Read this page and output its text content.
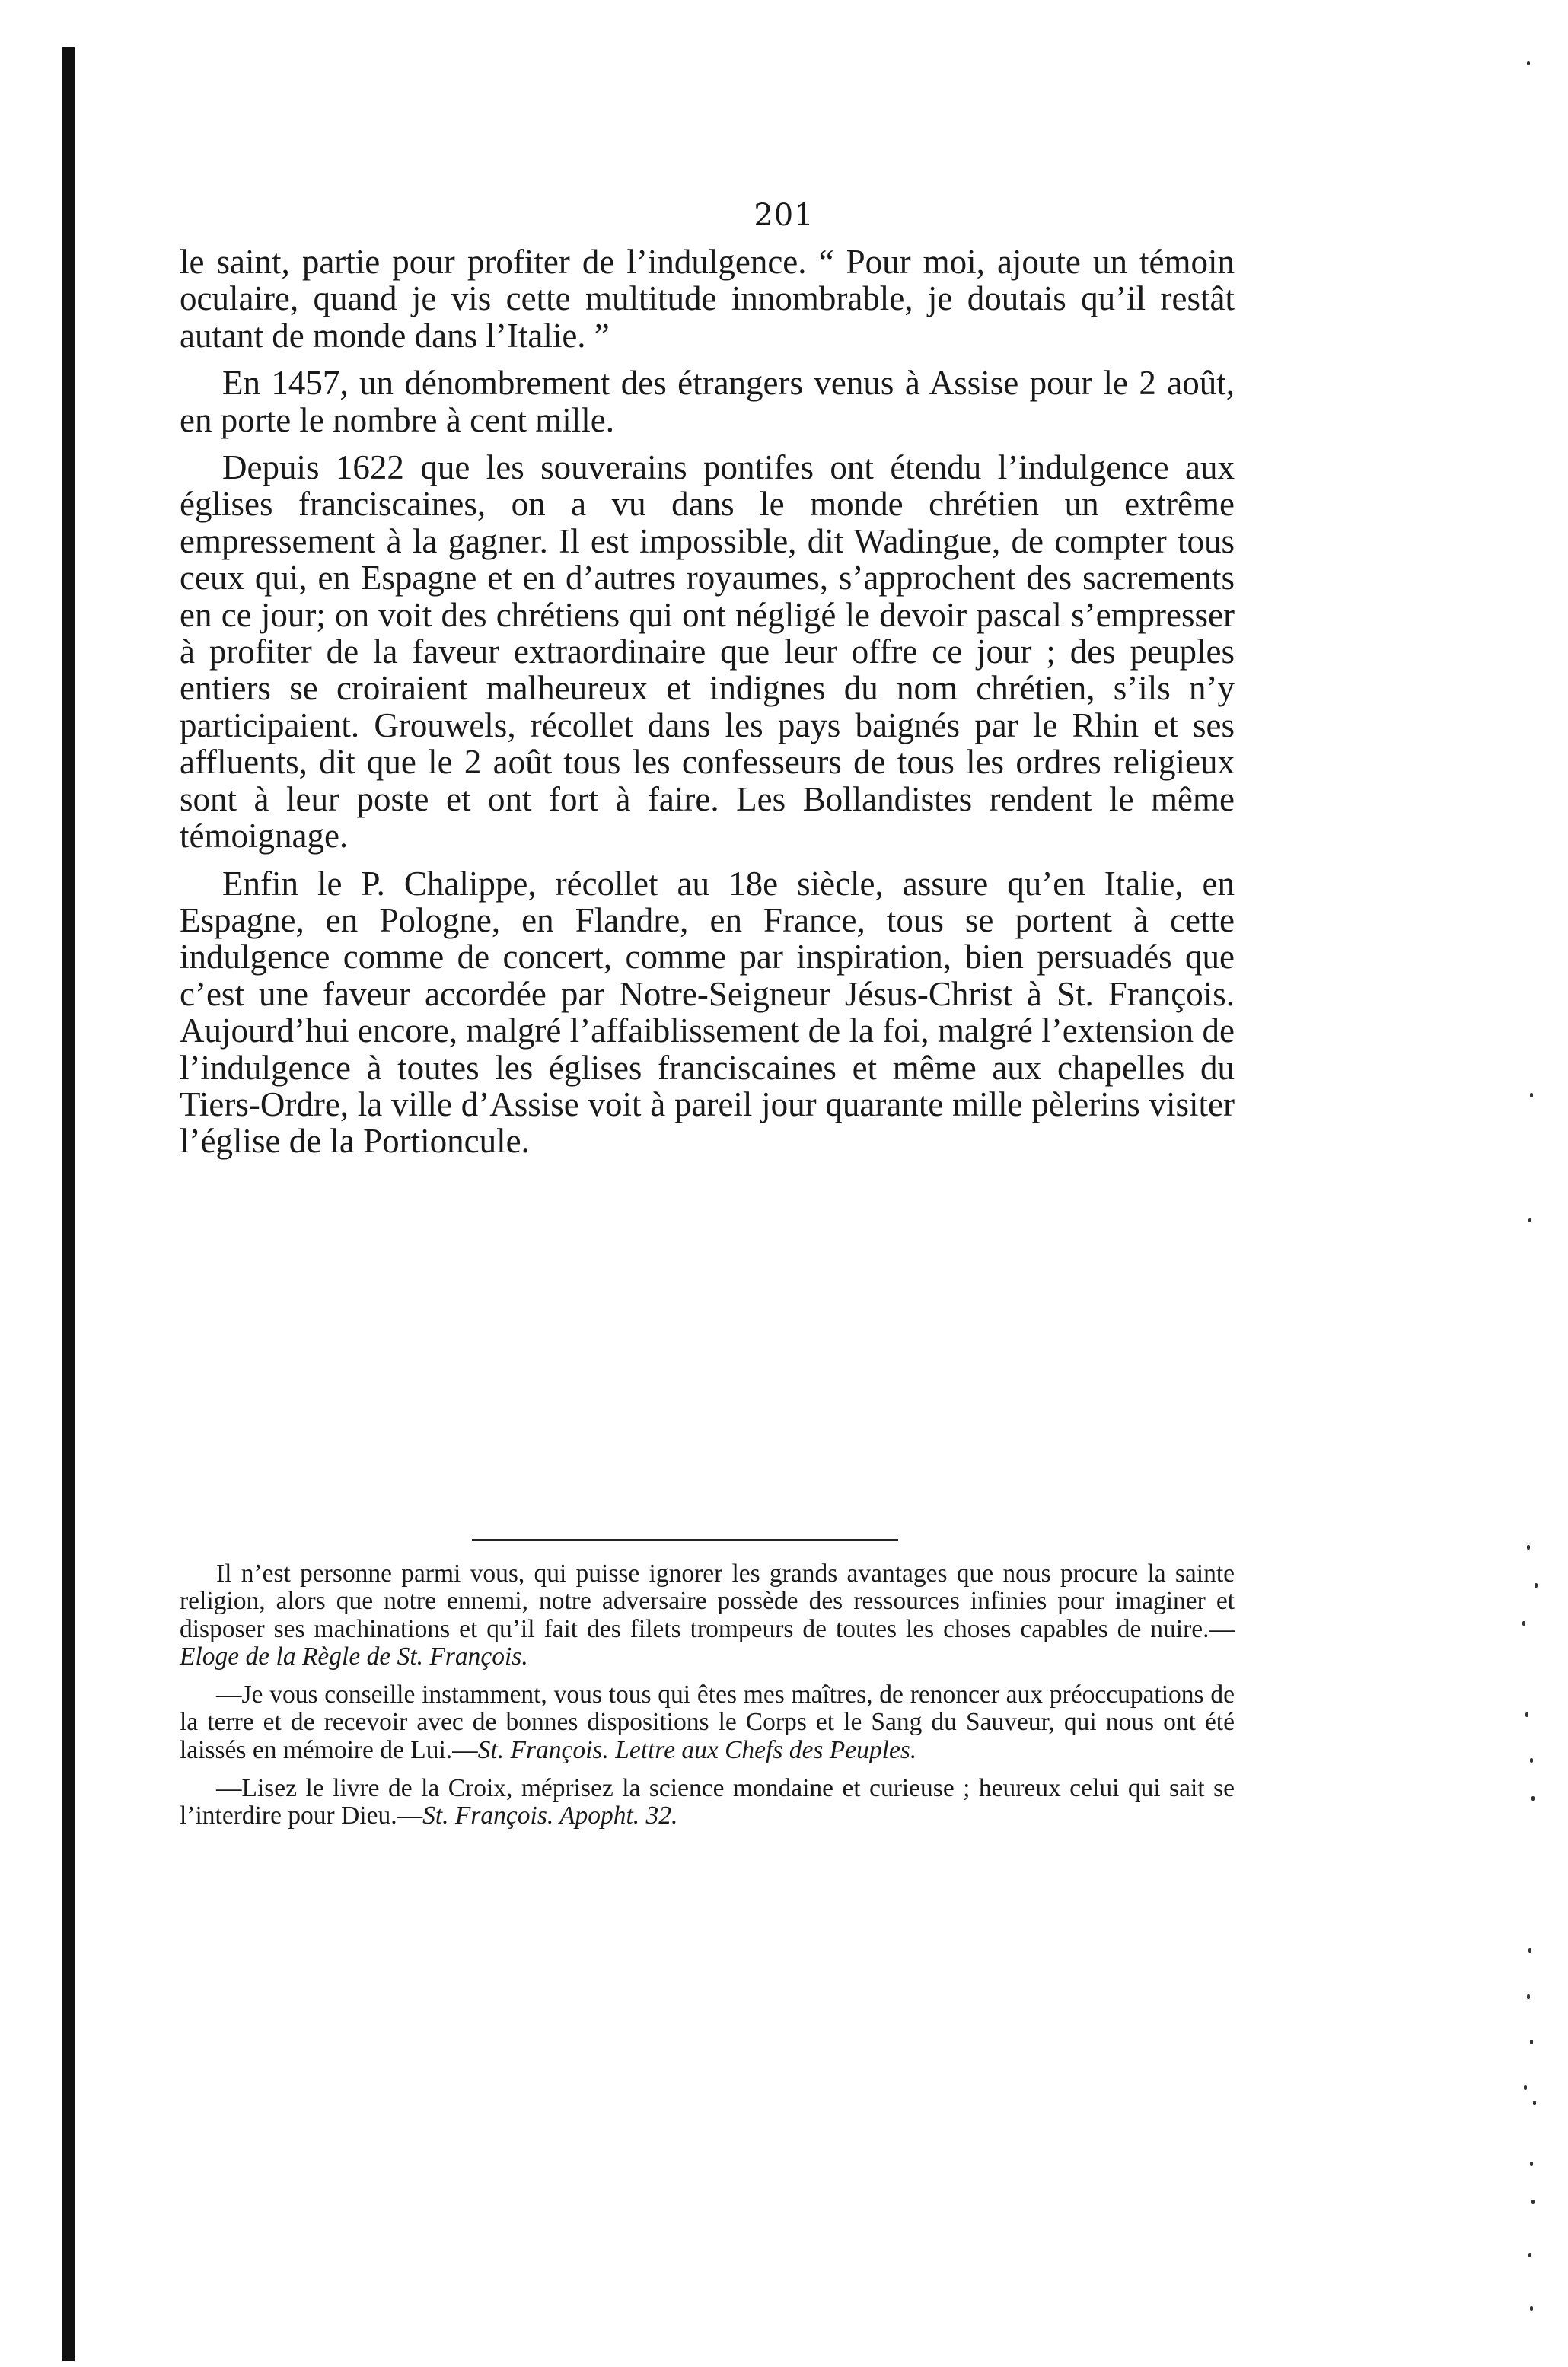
201

le saint, partie pour profiter de l’indulgence. “ Pour moi, ajoute un témoin oculaire, quand je vis cette multitude innombrable, je doutais qu’il restât autant de monde dans l’Italie. ”

En 1457, un dénombrement des étrangers venus à Assise pour le 2 août, en porte le nombre à cent mille.

Depuis 1622 que les souverains pontifes ont étendu l’indulgence aux églises franciscaines, on a vu dans le monde chrétien un extrême empressement à la gagner. Il est impossible, dit Wadingue, de compter tous ceux qui, en Espagne et en d’autres royaumes, s’approchent des sacrements en ce jour; on voit des chrétiens qui ont négligé le devoir pascal s’empresser à profiter de la faveur extraordinaire que leur offre ce jour ; des peuples entiers se croiraient malheureux et indignes du nom chrétien, s’ils n’y participaient. Grouwels, récollet dans les pays baignés par le Rhin et ses affluents, dit que le 2 août tous les confesseurs de tous les ordres religieux sont à leur poste et ont fort à faire. Les Bollandistes rendent le même témoignage.

Enfin le P. Chalippe, récollet au 18e siècle, assure qu’en Italie, en Espagne, en Pologne, en Flandre, en France, tous se portent à cette indulgence comme de concert, comme par inspiration, bien persuadés que c’est une faveur accordée par Notre-Seigneur Jésus-Christ à St. François. Aujourd’hui encore, malgré l’affaiblissement de la foi, malgré l’extension de l’indulgence à toutes les églises franciscaines et même aux chapelles du Tiers-Ordre, la ville d’Assise voit à pareil jour quarante mille pèlerins visiter l’église de la Portioncule.

Il n’est personne parmi vous, qui puisse ignorer les grands avantages que nous procure la sainte religion, alors que notre ennemi, notre adversaire possède des ressources infinies pour imaginer et disposer ses machinations et qu’il fait des filets trompeurs de toutes les choses capables de nuire.—Eloge de la Règle de St. François.

—Je vous conseille instamment, vous tous qui êtes mes maîtres, de renoncer aux préoccupations de la terre et de recevoir avec de bonnes dispositions le Corps et le Sang du Sauveur, qui nous ont été laissés en mémoire de Lui.—St. François. Lettre aux Chefs des Peuples.

—Lisez le livre de la Croix, méprisez la science mondaine et curieuse ; heureux celui qui sait se l’interdire pour Dieu.—St. François. Apopht. 32.
